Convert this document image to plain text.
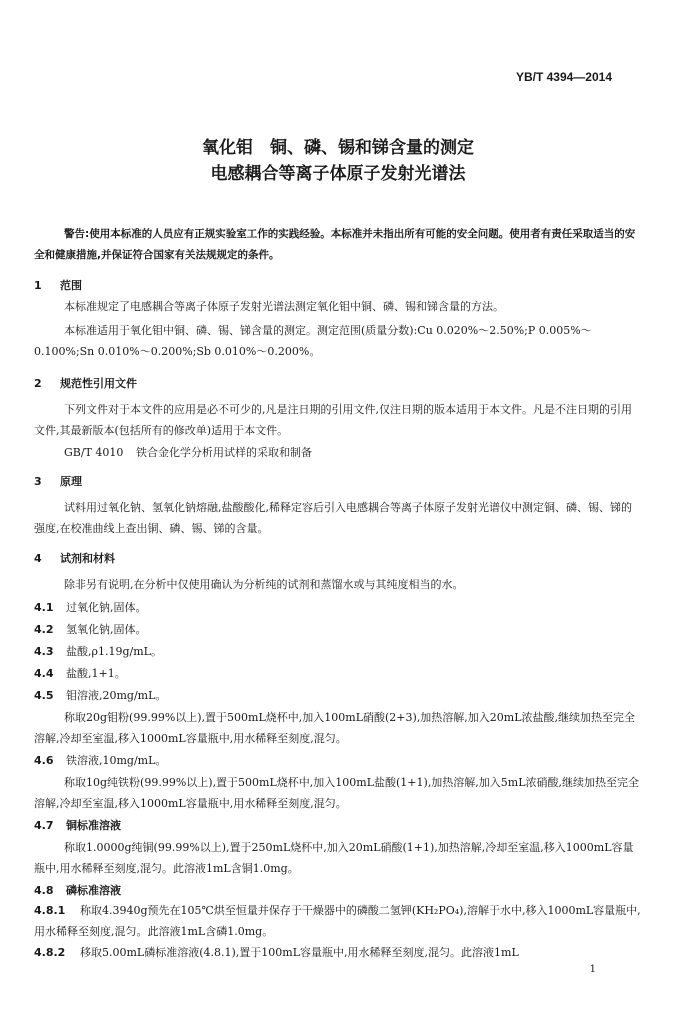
YB/T 4394—2014
氧化钼　铜、磷、锡和锑含量的测定
电感耦合等离子体原子发射光谱法
警告:使用本标准的人员应有正规实验室工作的实践经验。本标准并未指出所有可能的安全问题。使用者有责任采取适当的安全和健康措施,并保证符合国家有关法规规定的条件。
1 范围
本标准规定了电感耦合等离子体原子发射光谱法测定氧化钼中铜、磷、锡和锑含量的方法。
本标准适用于氧化钼中铜、磷、锡、锑含量的测定。测定范围(质量分数):Cu 0.020%～2.50%;P 0.005%～0.100%;Sn 0.010%～0.200%;Sb 0.010%～0.200%。
2 规范性引用文件
下列文件对于本文件的应用是必不可少的,凡是注日期的引用文件,仅注日期的版本适用于本文件。凡是不注日期的引用文件,其最新版本(包括所有的修改单)适用于本文件。
GB/T 4010 铁合金化学分析用试样的采取和制备
3 原理
试料用过氧化钠、氢氧化钠熔融,盐酸酸化,稀释定容后引入电感耦合等离子体原子发射光谱仪中测定铜、磷、锡、锑的强度,在校准曲线上查出铜、磷、锡、锑的含量。
4 试剂和材料
除非另有说明,在分析中仅使用确认为分析纯的试剂和蒸馏水或与其纯度相当的水。
4.1 过氧化钠,固体。
4.2 氢氧化钠,固体。
4.3 盐酸,ρ1.19g/mL。
4.4 盐酸,1+1。
4.5 钼溶液,20mg/mL。
称取20g钼粉(99.99%以上),置于500mL烧杯中,加入100mL硝酸(2+3),加热溶解,加入20mL浓盐酸,继续加热至完全溶解,冷却至室温,移入1000mL容量瓶中,用水稀释至刻度,混匀。
4.6 铁溶液,10mg/mL。
称取10g纯铁粉(99.99%以上),置于500mL烧杯中,加入100mL盐酸(1+1),加热溶解,加入5mL浓硝酸,继续加热至完全溶解,冷却至室温,移入1000mL容量瓶中,用水稀释至刻度,混匀。
4.7 铜标准溶液
称取1.0000g纯铜(99.99%以上),置于250mL烧杯中,加入20mL硝酸(1+1),加热溶解,冷却至室温,移入1000mL容量瓶中,用水稀释至刻度,混匀。此溶液1mL含铜1.0mg。
4.8 磷标准溶液
4.8.1 称取4.3940g预先在105℃烘至恒量并保存于干燥器中的磷酸二氢钾(KH₂PO₄),溶解于水中,移入1000mL容量瓶中,用水稀释至刻度,混匀。此溶液1mL含磷1.0mg。
4.8.2 移取5.00mL磷标准溶液(4.8.1),置于100mL容量瓶中,用水稀释至刻度,混匀。此溶液1mL
1
